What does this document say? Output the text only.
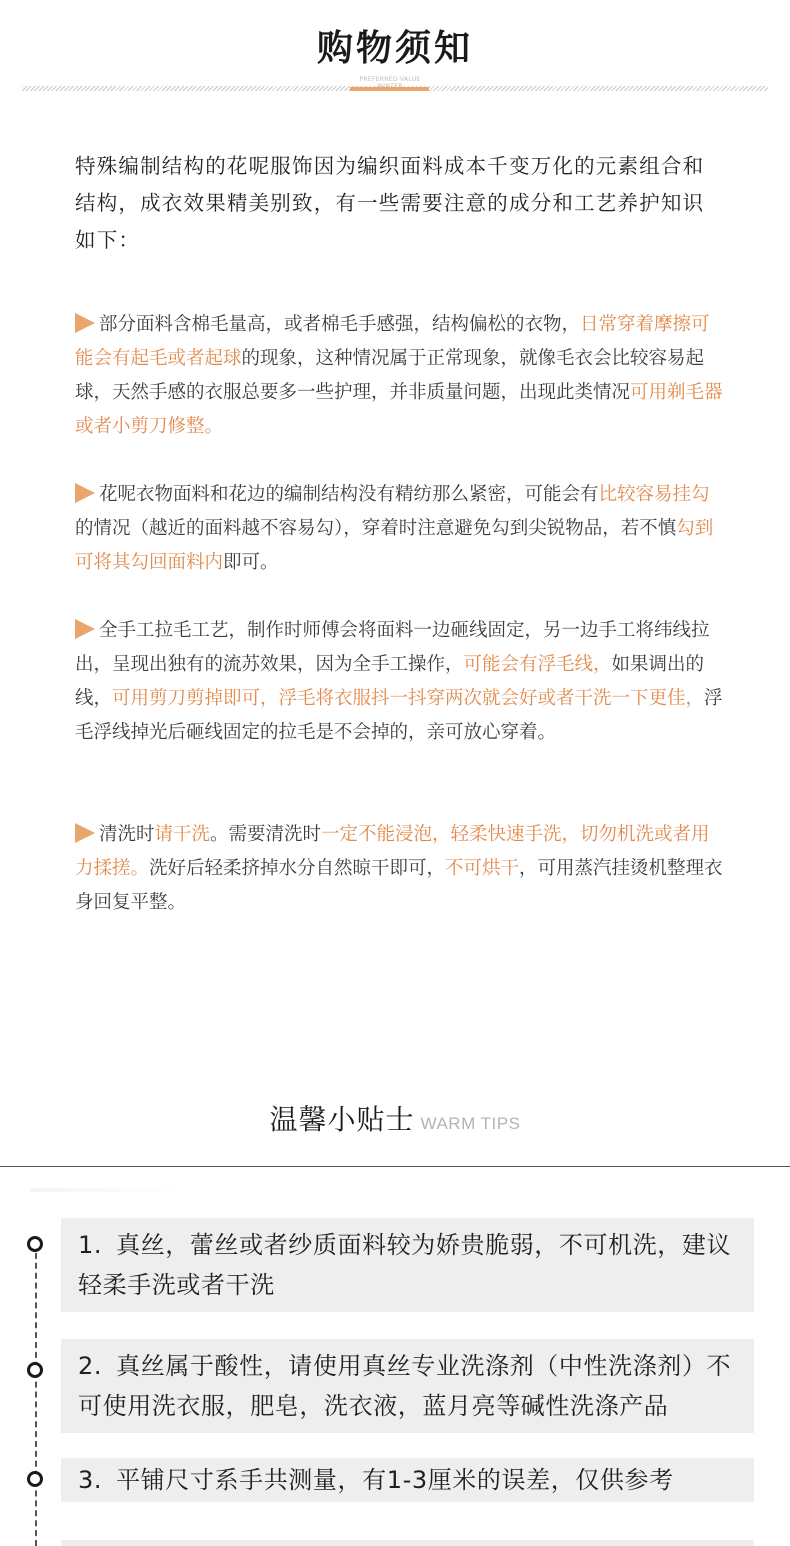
购物须知
PREFERRED VALUE
特殊编制结构的花呢服饰因为编织面料成本千变万化的元素组合和结构，成衣效果精美别致，有一些需要注意的成分和工艺养护知识如下：
部分面料含棉毛量高，或者棉毛手感强，结构偏松的衣物，日常穿着摩擦可能会有起毛或者起球的现象，这种情况属于正常现象，就像毛衣会比较容易起球，天然手感的衣服总要多一些护理，并非质量问题，出现此类情况可用剃毛器或者小剪刀修整。
花呢衣物面料和花边的编制结构没有精纺那么紧密，可能会有比较容易挂勾的情况（越近的面料越不容易勾），穿着时注意避免勾到尖锐物品，若不慎勾到可将其勾回面料内即可。
全手工拉毛工艺，制作时师傅会将面料一边砸线固定，另一边手工将纬线拉出，呈现出独有的流苏效果，因为全手工操作，可能会有浮毛线，如果调出的线，可用剪刀剪掉即可，浮毛将衣服抖一抖穿两次就会好或者干洗一下更佳，浮毛浮线掉光后砸线固定的拉毛是不会掉的，亲可放心穿着。
清洗时请干洗。需要清洗时一定不能浸泡，轻柔快速手洗，切勿机洗或者用力揉搓。洗好后轻柔挤掉水分自然晾干即可，不可烘干，可用蒸汽挂烫机整理衣身回复平整。
温馨小贴士 WARM TIPS
1. 真丝，蕾丝或者纱质面料较为娇贵脆弱，不可机洗，建议轻柔手洗或者干洗
2. 真丝属于酸性，请使用真丝专业洗涤剂（中性洗涤剂）不可使用洗衣服，肥皂，洗衣液，蓝月亮等碱性洗涤产品
3. 平铺尺寸系手共测量，有1-3厘米的误差，仅供参考
